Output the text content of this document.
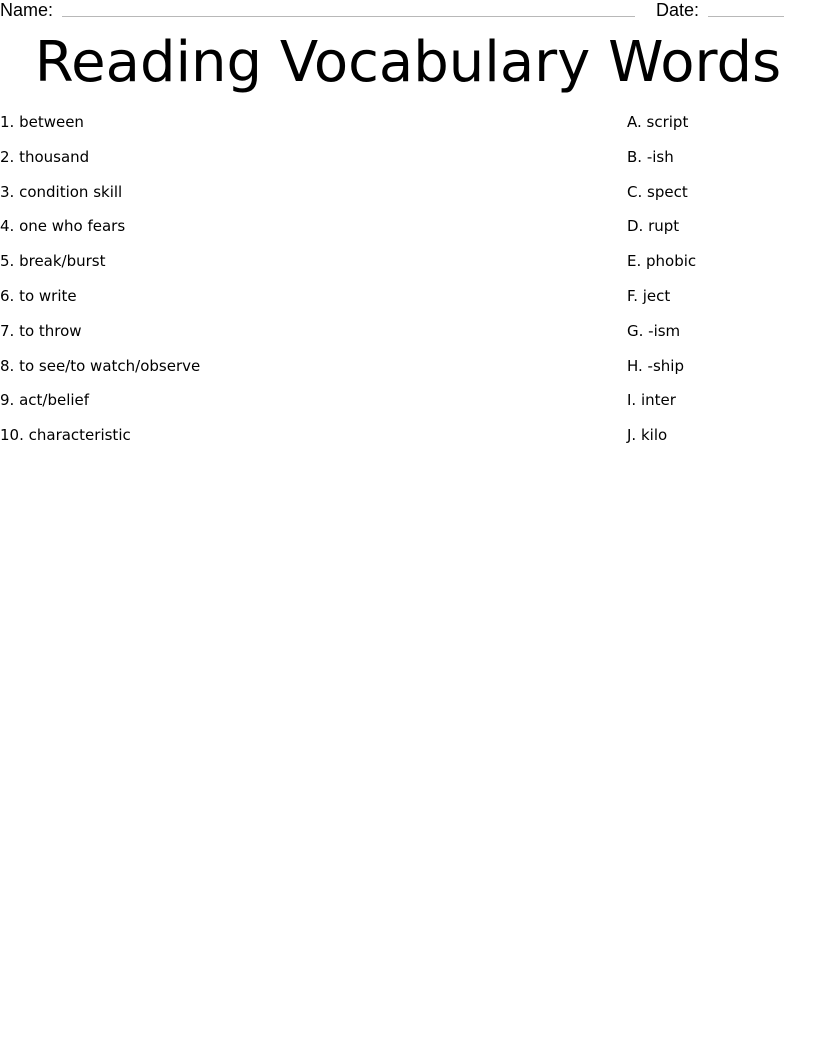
Name:	Date:
Reading Vocabulary Words
1. between
2. thousand
3. condition skill
4. one who fears
5. break/burst
6. to write
7. to throw
8. to see/to watch/observe
9. act/belief
10. characteristic
A. script
B. -ish
C. spect
D. rupt
E. phobic
F. ject
G. -ism
H. -ship
I. inter
J. kilo
